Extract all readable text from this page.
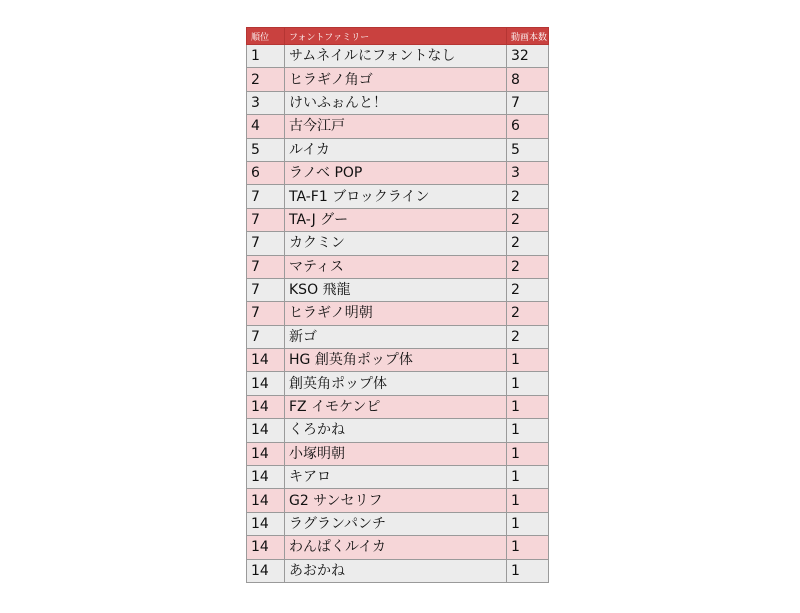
順位	フォントファミリー	動画本数
1	サムネイルにフォントなし	32
2	ヒラギノ角ゴ	8
3	けいふぉんと！	7
4	古今江戸	6
5	ルイカ	5
6	ラノベ POP	3
7	TA-F1 ブロックライン	2
7	TA-J グー	2
7	カクミン	2
7	マティス	2
7	KSO 飛龍	2
7	ヒラギノ明朝	2
7	新ゴ	2
14	HG 創英角ポップ体	1
14	創英角ポップ体	1
14	FZ イモケンピ	1
14	くろかね	1
14	小塚明朝	1
14	キアロ	1
14	G2 サンセリフ	1
14	ラグランパンチ	1
14	わんぱくルイカ	1
14	あおかね	1
